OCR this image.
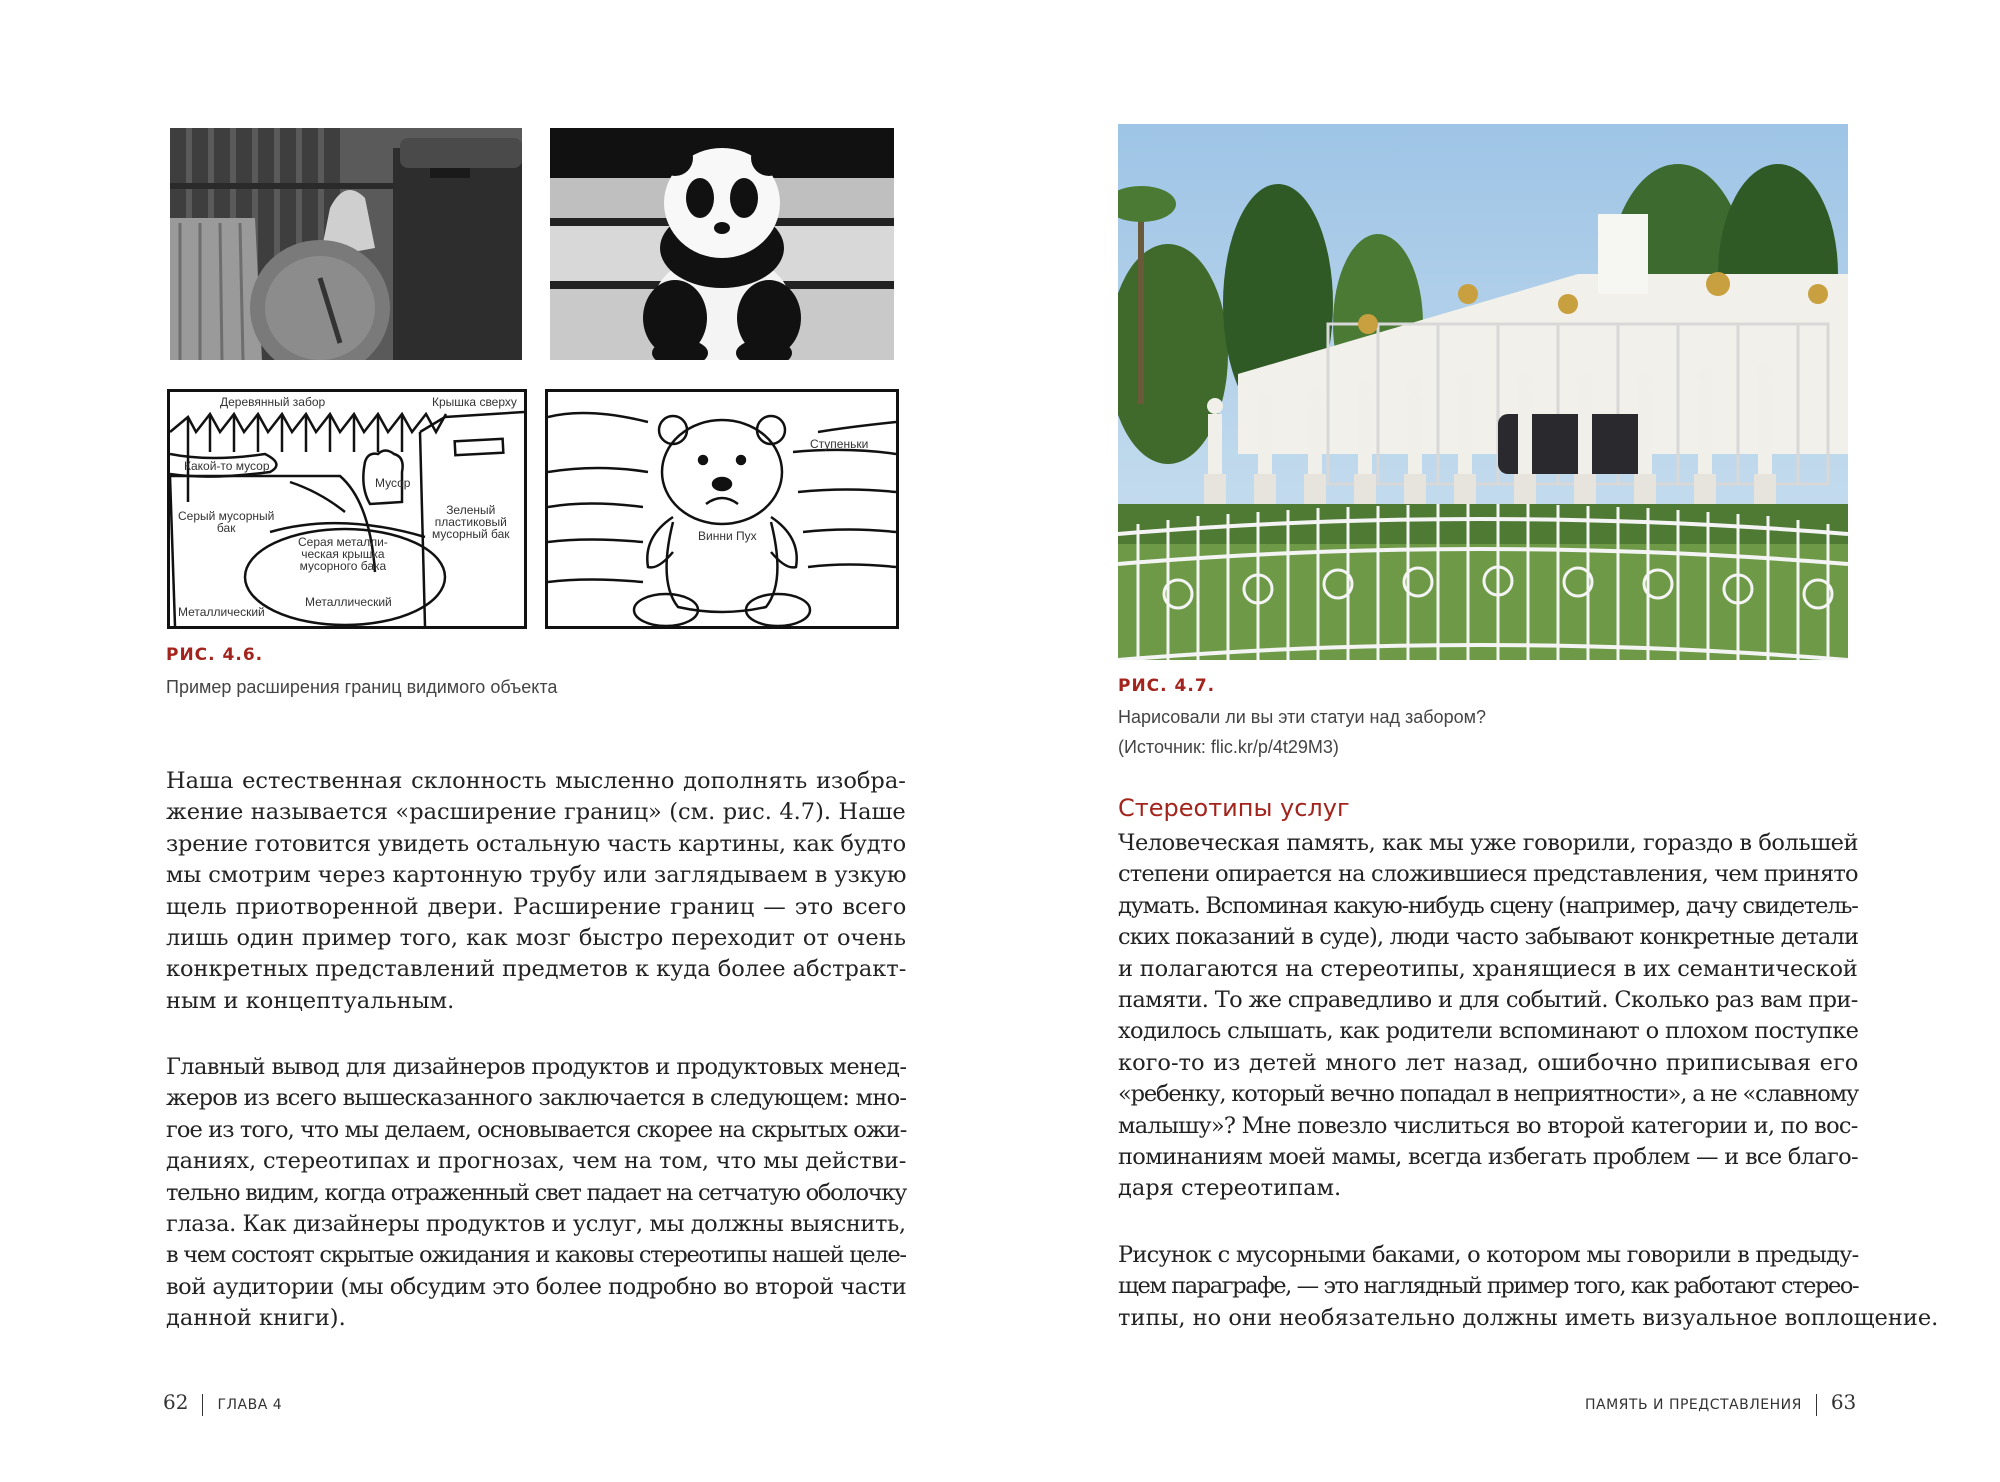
Деревянный забор	Крышка сверху
Какой-то мусор
Мусор
Серый мусорный
бак
Зеленый
пластиковый
мусорный бак
Серая металли-
ческая крышка
мусорного бака
Металлический
Металлический
Ступеньки
Винни Пух
РИС. 4.6.
Пример расширения границ видимого объекта
Наша естественная склонность мысленно дополнять изобра-
жение называется «расширение границ» (см. рис. 4.7). Наше
зрение готовится увидеть остальную часть картины, как будто
мы смотрим через картонную трубу или заглядываем в узкую
щель приотворенной двери. Расширение границ — это всего
лишь один пример того, как мозг быстро переходит от очень
конкретных представлений предметов к куда более абстракт-
ным и концептуальным.
Главный вывод для дизайнеров продуктов и продуктовых менед-
жеров из всего вышесказанного заключается в следующем: мно-
гое из того, что мы делаем, основывается скорее на скрытых ожи-
даниях, стереотипах и прогнозах, чем на том, что мы действи-
тельно видим, когда отраженный свет падает на сетчатую оболочку
глаза. Как дизайнеры продуктов и услуг, мы должны выяснить,
в чем состоят скрытые ожидания и каковы стереотипы нашей целе-
вой аудитории (мы обсудим это более подробно во второй части
данной книги).
62 ГЛАВА 4
РИС. 4.7.
Нарисовали ли вы эти статуи над забором?
(Источник: flic.kr/p/4t29M3)
Стереотипы услуг
Человеческая память, как мы уже говорили, гораздо в большей
степени опирается на сложившиеся представления, чем принято
думать. Вспоминая какую-нибудь сцену (например, дачу свидетель-
ских показаний в суде), люди часто забывают конкретные детали
и полагаются на стереотипы, хранящиеся в их семантической
памяти. То же справедливо и для событий. Сколько раз вам при-
ходилось слышать, как родители вспоминают о плохом поступке
кого-то из детей много лет назад, ошибочно приписывая его
«ребенку, который вечно попадал в неприятности», а не «славному
малышу»? Мне повезло числиться во второй категории и, по вос-
поминаниям моей мамы, всегда избегать проблем — и все благо-
даря стереотипам.
Рисунок с мусорными баками, о котором мы говорили в предыду-
щем параграфе, — это наглядный пример того, как работают стерео-
типы, но они необязательно должны иметь визуальное воплощение.
ПАМЯТЬ И ПРЕДСТАВЛЕНИЯ 63
